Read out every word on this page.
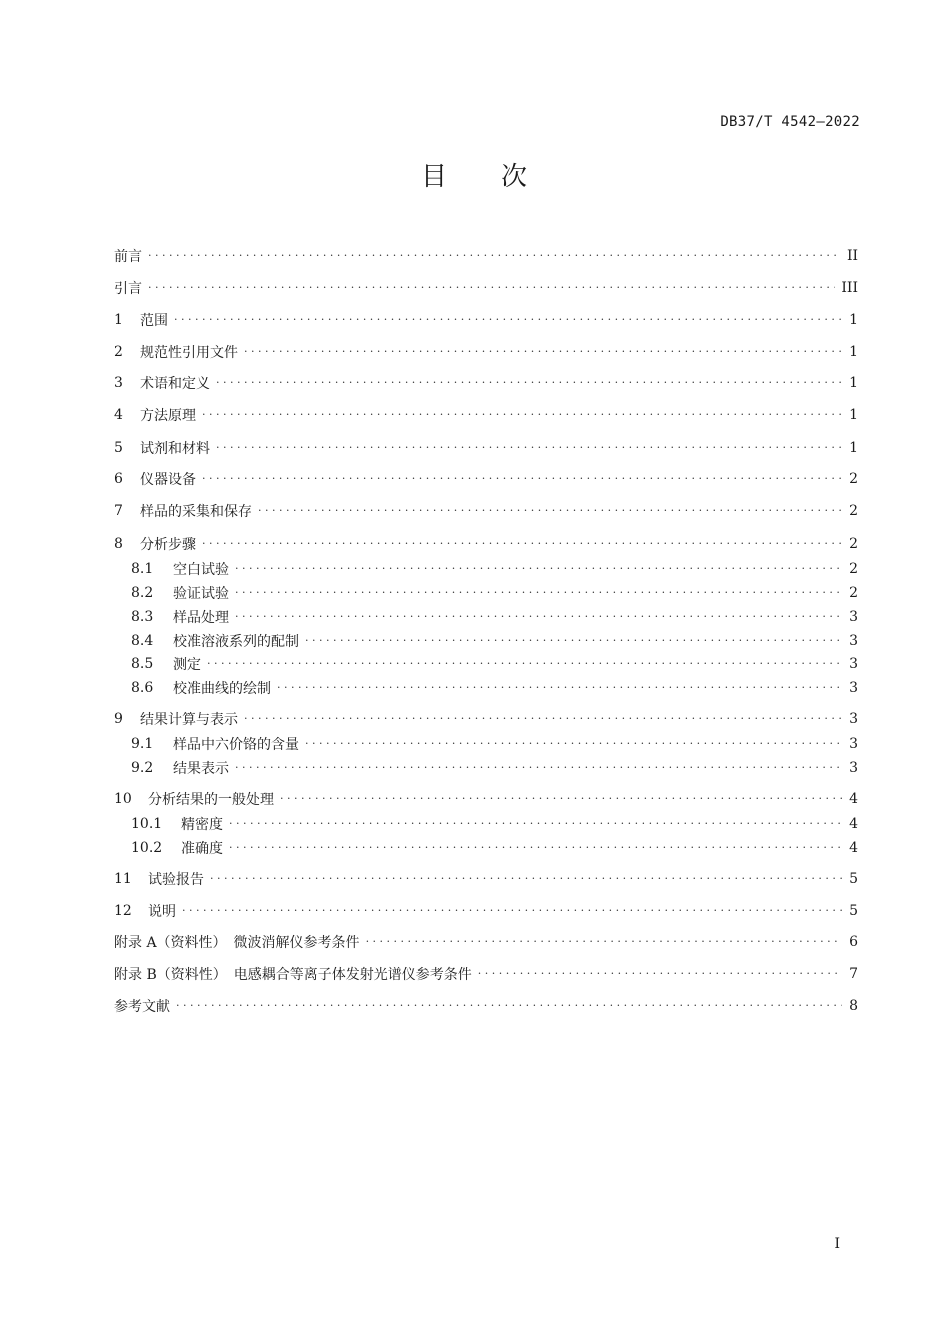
DB37/T 4542—2022
目 次
前言 . . .	II
引言 . . .	III
1	范围 . . .	1
2	规范性引用文件 . . .	1
3	术语和定义 . . .	1
4	方法原理 . . .	1
5	试剂和材料 . . .	1
6	仪器设备 . . .	2
7	样品的采集和保存 . . .	2
8	分析步骤 . . .	2
8.1	空白试验 . . .	2
8.2	验证试验 . . .	2
8.3	样品处理 . . .	3
8.4	校准溶液系列的配制 . . .	3
8.5	测定 . . .	3
8.6	校准曲线的绘制 . . .	3
9	结果计算与表示 . . .	3
9.1	样品中六价铬的含量 . . .	3
9.2	结果表示 . . .	3
10	分析结果的一般处理 . . .	4
10.1	精密度 . . .	4
10.2	准确度 . . .	4
11	试验报告 . . .	5
12	说明 . . .	5
附录 A（资料性）　微波消解仪参考条件 . . .	6
附录 B（资料性）　电感耦合等离子体发射光谱仪参考条件 . . .	7
参考文献 . . .	8
I
